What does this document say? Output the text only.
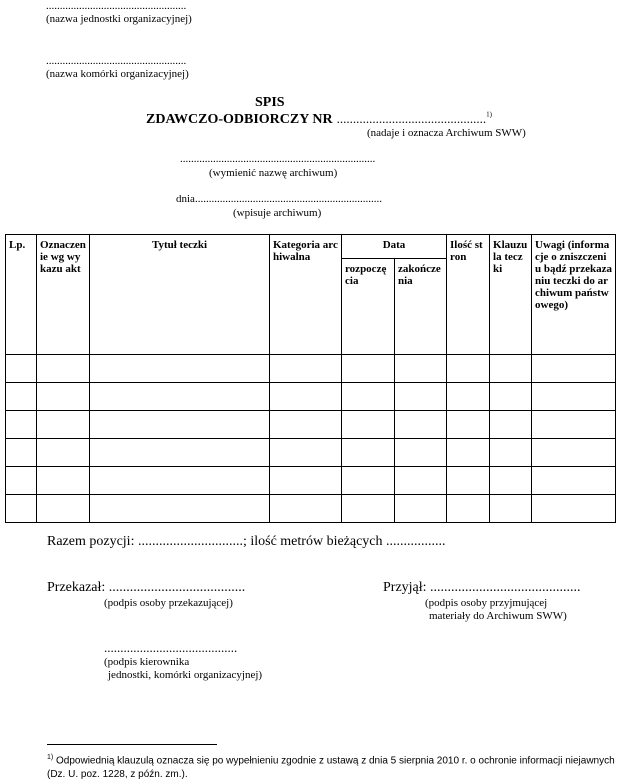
...................................................
(nazwa jednostki organizacyjnej)
...................................................
(nazwa komórki organizacyjnej)
SPIS
ZDAWCZO-ODBIORCZY NR ..............................................$^{1)}$
(nadaje i oznacza Archiwum SWW)
.......................................................................
(wymienić nazwę archiwum)
dnia....................................................................
(wpisuje archiwum)
Lp.	Oznaczenie wg wykazu akt	Tytuł teczki	Kategoria archiwalna	Data		Ilość stron	Klauzula teczki	Uwagi (informacje o zniszczeniu bądź przekazaniu teczki do archiwum państwowego)
				rozpoczęcia	zakończenia			

Razem pozycji: ..............................; ilość metrów bieżących .................
Przekazał: .......................................
(podpis osoby przekazującej)
Przyjął: ...........................................
(podpis osoby przyjmującej
materiały do Archiwum SWW)
.........................................
(podpis kierownika
jednostki, komórki organizacyjnej)
$^{1)}$ Odpowiednią klauzulą oznacza się po wypełnieniu zgodnie z ustawą z dnia 5 sierpnia 2010 r. o ochronie informacji niejawnych (Dz. U. poz. 1228, z późn. zm.).
